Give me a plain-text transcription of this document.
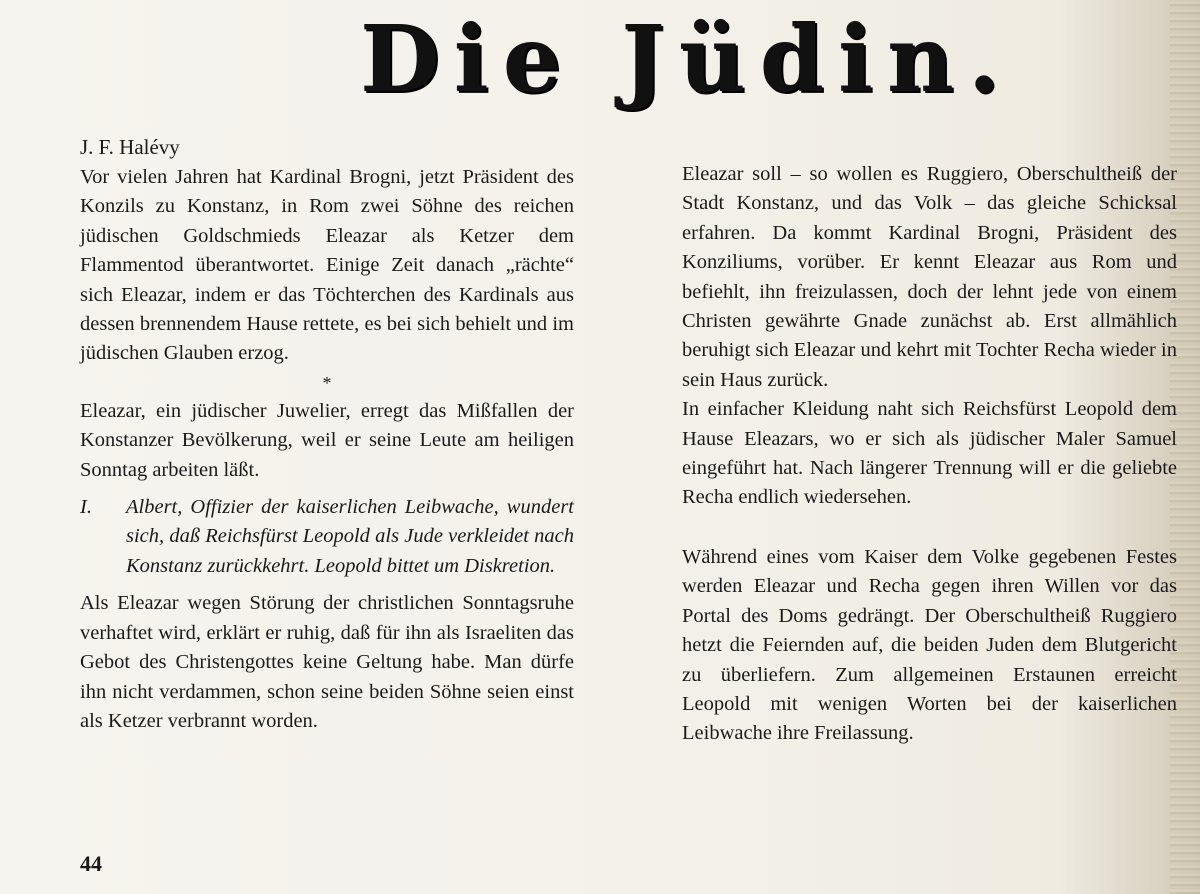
Die Jüdin.
J. F. Halévy

Vor vielen Jahren hat Kardinal Brogni, jetzt Präsident des Konzils zu Konstanz, in Rom zwei Söhne des reichen jüdischen Goldschmieds Eleazar als Ketzer dem Flammentod überantwortet. Einige Zeit danach „rächte“ sich Eleazar, indem er das Töchterchen des Kardinals aus dessen brennendem Hause rettete, es bei sich behielt und im jüdischen Glauben erzog.

*

Eleazar, ein jüdischer Juwelier, erregt das Mißfallen der Konstanzer Bevölkerung, weil er seine Leute am heiligen Sonntag arbeiten läßt.

I.	Albert, Offizier der kaiserlichen Leibwache, wundert sich, daß Reichsfürst Leopold als Jude verkleidet nach Konstanz zurückkehrt. Leopold bittet um Diskretion.

Als Eleazar wegen Störung der christlichen Sonntagsruhe verhaftet wird, erklärt er ruhig, daß für ihn als Israeliten das Gebot des Christengottes keine Geltung habe. Man dürfe ihn nicht verdammen, schon seine beiden Söhne seien einst als Ketzer verbrannt worden.

Eleazar soll – so wollen es Ruggiero, Oberschultheiß der Stadt Konstanz, und das Volk – das gleiche Schicksal erfahren. Da kommt Kardinal Brogni, Präsident des Konziliums, vorüber. Er kennt Eleazar aus Rom und befiehlt, ihn freizulassen, doch der lehnt jede von einem Christen gewährte Gnade zunächst ab. Erst allmählich beruhigt sich Eleazar und kehrt mit Tochter Recha wieder in sein Haus zurück.

In einfacher Kleidung naht sich Reichsfürst Leopold dem Hause Eleazars, wo er sich als jüdischer Maler Samuel eingeführt hat. Nach längerer Trennung will er die geliebte Recha endlich wiedersehen.

Während eines vom Kaiser dem Volke gegebenen Festes werden Eleazar und Recha gegen ihren Willen vor das Portal des Doms gedrängt. Der Oberschultheiß Ruggiero hetzt die Feiernden auf, die beiden Juden dem Blutgericht zu überliefern. Zum allgemeinen Erstaunen erreicht Leopold mit wenigen Worten bei der kaiserlichen Leibwache ihre Freilassung.

44
